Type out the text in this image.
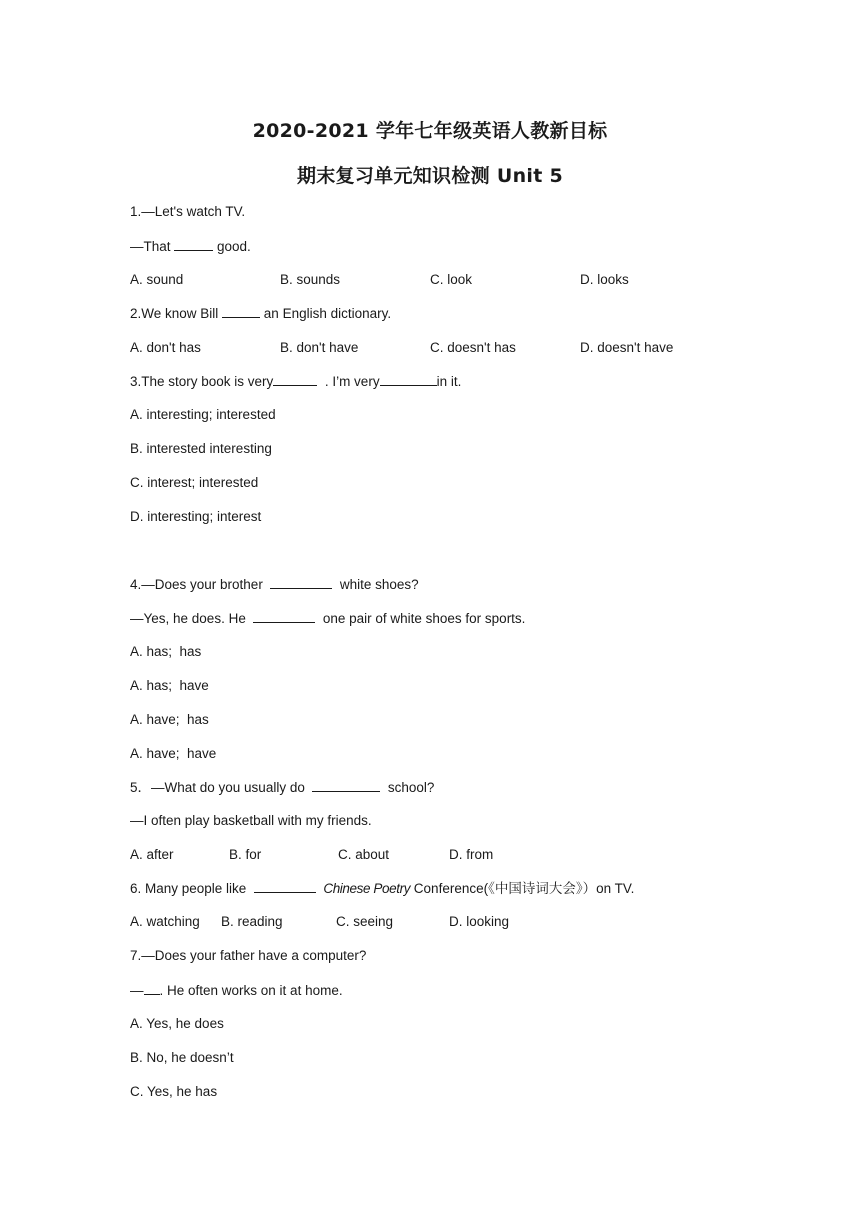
2020-2021 学年七年级英语人教新目标
期末复习单元知识检测 Unit 5
1.—Let's watch TV.
—That	good.
A. sound	B. sounds	C. look	D. looks
2.We know Bill	an English dictionary.
A. don't has	B. don't have	C. doesn't has	D. doesn't have
3.The story book is very	. I’m very	in it.
A. interesting; interested
B. interested interesting
C. interest; interested
D. interesting; interest
4.—Does your brother	white shoes?
—Yes, he does. He	one pair of white shoes for sports.
A. has;  has
A. has;  have
A. have;  has
A. have;  have
5．—What do you usually do	school?
—I often play basketball with my friends.
A. after	B. for	C. about	D. from
6. Many people like	Chinese Poetry Conference(《中国诗词大会》）on TV.
A. watching B. reading	C. seeing	D. looking
7.—Does your father have a computer?
— . He often works on it at home.
A. Yes, he does
B. No, he doesn’t
C. Yes, he has
